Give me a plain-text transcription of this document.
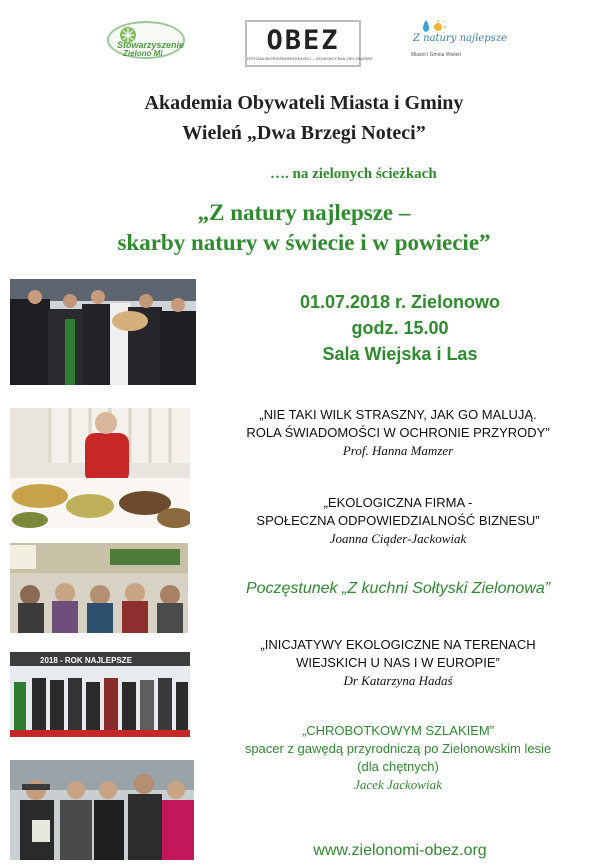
Stowarzyszenie
Zielono Mi	OBEZ
OSTOJA BIORÓŻNORODNOŚCI – EDUKACYJNA ZIELONOWO
Z natury najlepsze
Miasto i Gmina Wieleń
Akademia Obywateli Miasta i Gminy
Wieleń „Dwa Brzegi Noteci”
…. na zielonych ścieżkach
„Z natury najlepsze –
skarby natury w świecie i w powiecie”
01.07.2018 r. Zielonowo
godz. 15.00
Sala Wiejska i Las
„NIE TAKI WILK STRASZNY, JAK GO MALUJĄ.
ROLA ŚWIADOMOŚCI W OCHRONIE PRZYRODY”
Prof. Hanna Mamzer
„EKOLOGICZNA FIRMA -
SPOŁECZNA ODPOWIEDZIALNOŚĆ BIZNESU”
Joanna Ciąder-Jackowiak
Poczęstunek „Z kuchni Sołtyski Zielonowa”
„INICJATYWY EKOLOGICZNE NA TERENACH
WIEJSKICH U NAS I W EUROPIE”
Dr Katarzyna Hadaś
„CHROBOTKOWYM SZLAKIEM”
spacer z gawędą przyrodniczą po Zielonowskim lesie
(dla chętnych)
Jacek Jackowiak
www.zielonomi-obez.org
2018 - ROK NAJLEPSZE
